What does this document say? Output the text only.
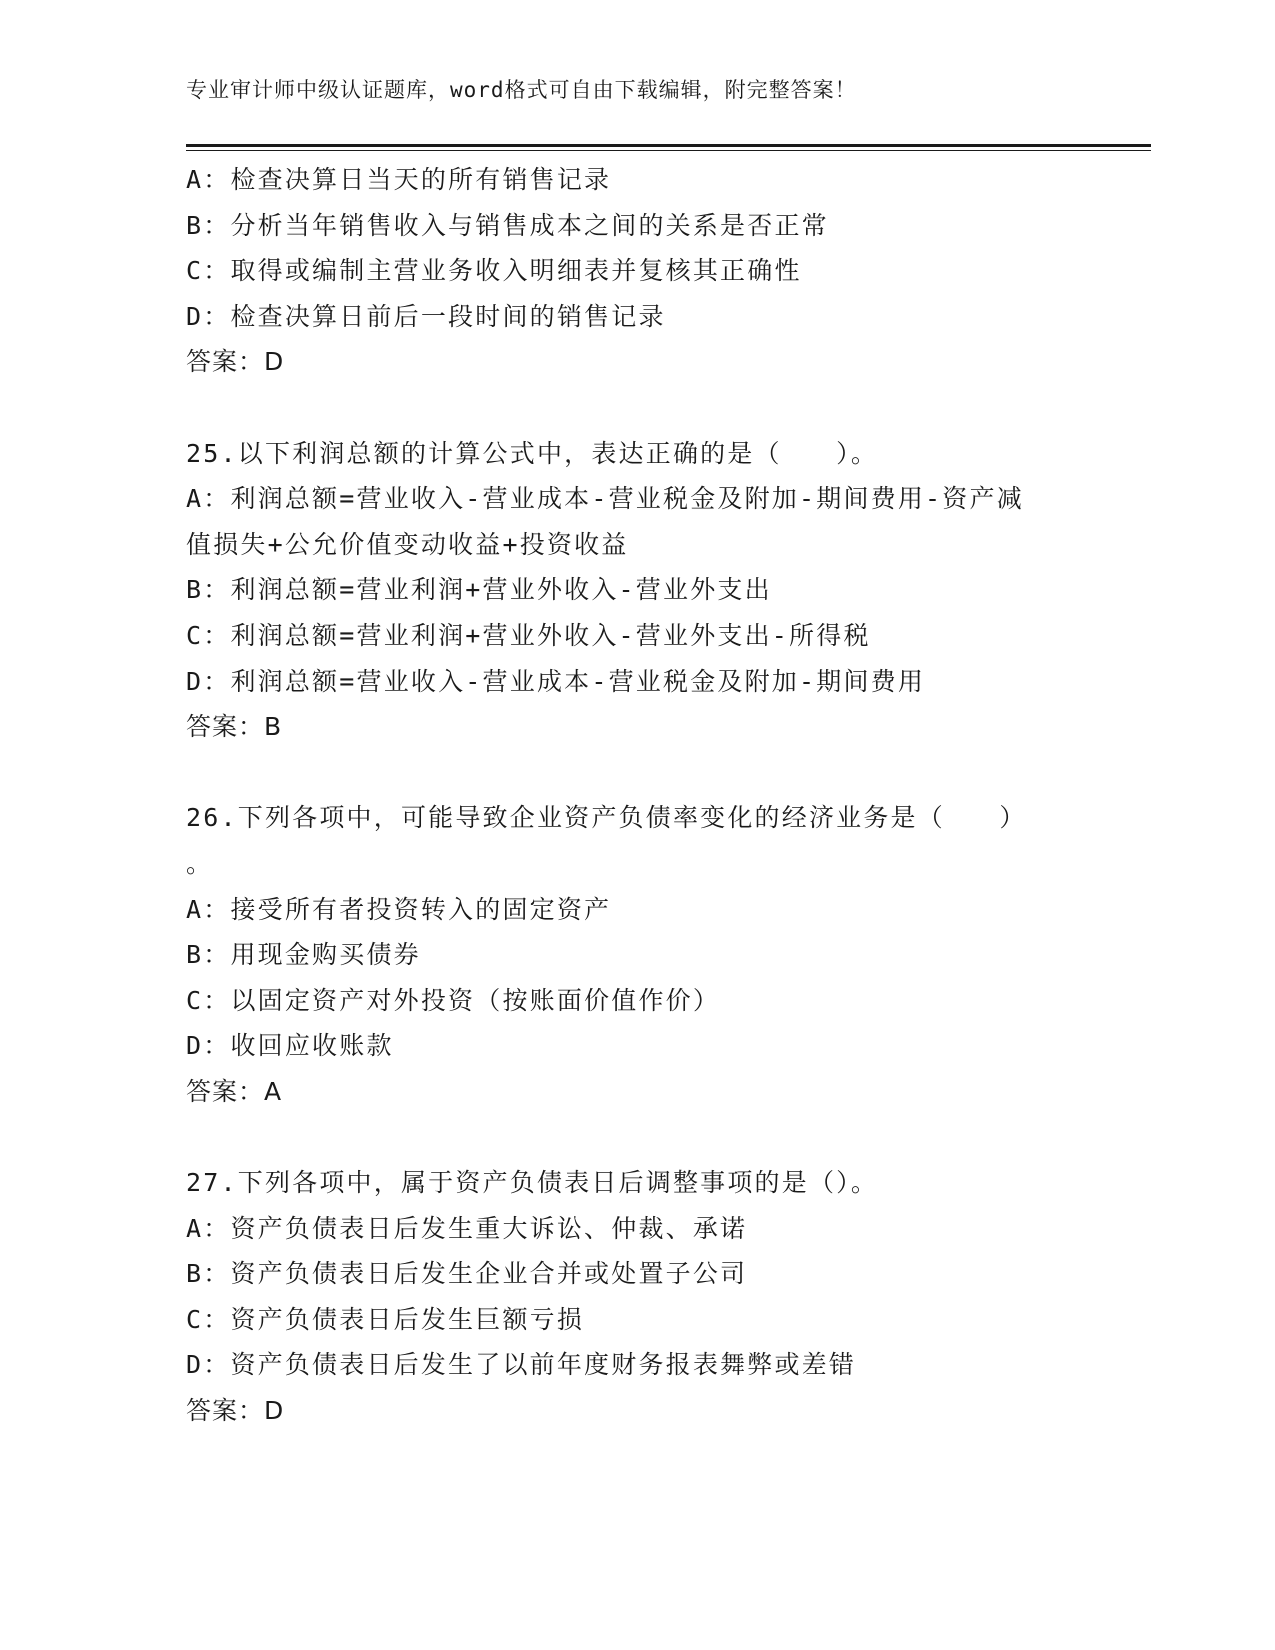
专业审计师中级认证题库，word格式可自由下载编辑，附完整答案！
A：检查决算日当天的所有销售记录
B：分析当年销售收入与销售成本之间的关系是否正常
C：取得或编制主营业务收入明细表并复核其正确性
D：检查决算日前后一段时间的销售记录
答案：D
25.以下利润总额的计算公式中，表达正确的是（　　）。
A：利润总额=营业收入-营业成本-营业税金及附加-期间费用-资产减
值损失+公允价值变动收益+投资收益
B：利润总额=营业利润+营业外收入-营业外支出
C：利润总额=营业利润+营业外收入-营业外支出-所得税
D：利润总额=营业收入-营业成本-营业税金及附加-期间费用
答案：B
26.下列各项中，可能导致企业资产负债率变化的经济业务是（　　）
。
A：接受所有者投资转入的固定资产
B：用现金购买债券
C：以固定资产对外投资（按账面价值作价）
D：收回应收账款
答案：A
27.下列各项中，属于资产负债表日后调整事项的是（）。
A：资产负债表日后发生重大诉讼、仲裁、承诺
B：资产负债表日后发生企业合并或处置子公司
C：资产负债表日后发生巨额亏损
D：资产负债表日后发生了以前年度财务报表舞弊或差错
答案：D
